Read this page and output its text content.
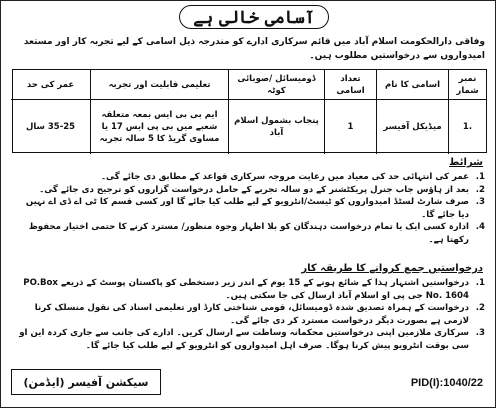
آسامی خالی ہے
وفاقی دارالحکومت اسلام آباد میں قائم سرکاری ادارے کو مندرجہ ذیل اسامی کے لیے تجربہ کار اور مستعد امیدواروں سے درخواستیں مطلوب ہیں۔
نمبر شمار
اسامی کا نام
تعداد اسامی
ڈومیسائل /صوبائی کوٹہ
تعلیمی قابلیت اور تجربہ
عمر کی حد
1.
میڈیکل آفیسر
1
پنجاب بشمول اسلام آباد
ایم بی بی ایس بمعہ متعلقہ شعبے میں بی پی ایس 17 یا مساوی گریڈ کا 5 سالہ تجربہ
35-25 سال
شرائط
1.
عمر کی انتہائی حد کی معیاد میں رعایت مروجہ سرکاری قواعد کے مطابق دی جائے گی۔
2.
بعد از ہاؤس جاب جنرل پریکٹشنر کے دو سالہ تجربے کے حامل درخواست گزاروں کو ترجیح دی جائے گی۔
3.
صرف شارٹ لسٹڈ امیدواروں کو ٹیسٹ/انٹرویو کے لیے طلب کیا جائے گا اور کسی قسم کا ٹی اے ڈی اے نہیں دیا جائے گا۔
4.
ادارہ کسی ایک یا تمام درخواست دہندگان کو بلا اظہار وجوہ منظور/ مسترد کرنے کا حتمی اختیار محفوظ رکھتا ہے۔
درخواستیں جمع کروانے کا طریقہ کار
1.
درخواستیں اشتہار ہذا کے شائع ہونے کے 15 یوم کے اندر زیر دستخطی کو پاکستان پوسٹ کے ذریعے PO.Box No. 1604 جی پی او اسلام آباد ارسال کی جا سکتی ہیں۔
2.
درخواست کے ہمراہ تصدیق شدہ ڈومیسائل، قومی شناختی کارڈ اور تعلیمی اسناد کی نقول منسلک کرنا لازمی ہے بصورت دیگر درخواست مسترد کر دی جائے گی۔
3.
سرکاری ملازمین اپنی درخواستیں محکمانہ وساطت سے ارسال کریں۔ ادارے کی جانب سے جاری کردہ این او سی بوقت انٹرویو پیش کرنا ہوگا۔ صرف اہل امیدواروں کو انٹرویو کے لیے طلب کیا جائے گا۔
سیکشن آفیسر (ایڈمن)	PID(I):1040/22
